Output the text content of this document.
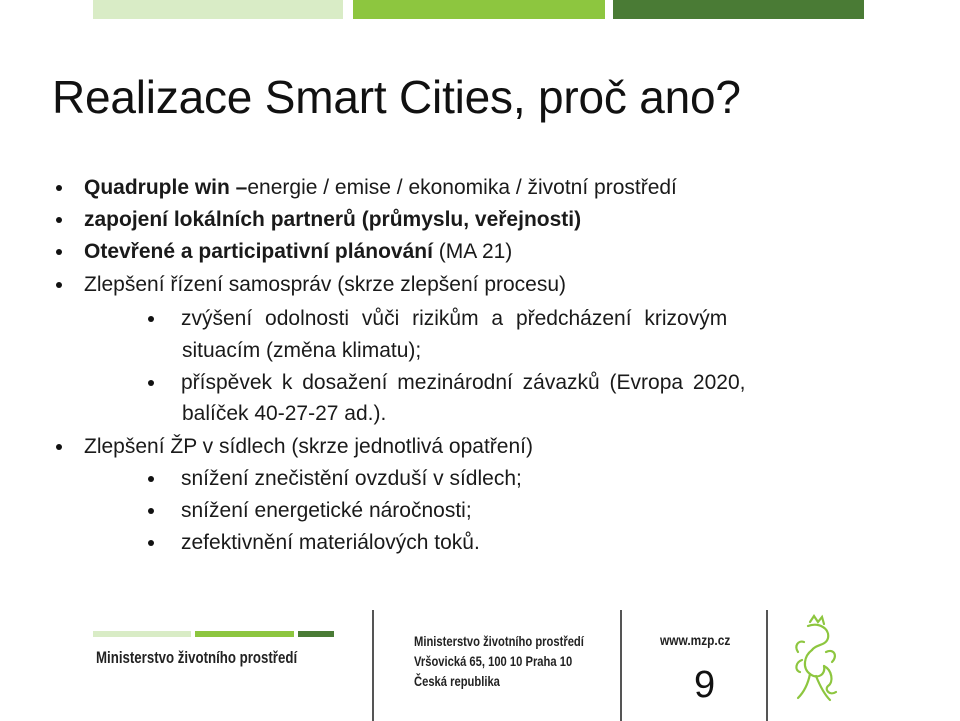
Realizace Smart Cities, proč ano?
Quadruple win – energie / emise / ekonomika / životní prostředí
zapojení lokálních partnerů (průmyslu, veřejnosti)
Otevřené a participativní plánování (MA 21)
Zlepšení řízení samospráv (skrze zlepšení procesu)
zvýšení odolnosti vůči rizikům a předcházení krizovým
situacím (změna klimatu);
příspěvek k dosažení mezinárodní závazků (Evropa 2020,
balíček 40-27-27 ad.).
Zlepšení ŽP v sídlech (skrze jednotlivá opatření)
snížení znečistění ovzduší v sídlech;
snížení energetické náročnosti;
zefektivnění materiálových toků.
Ministerstvo životního prostředí
Ministerstvo životního prostředí
Vršovická 65, 100 10 Praha 10
Česká republika
www.mzp.cz
9
